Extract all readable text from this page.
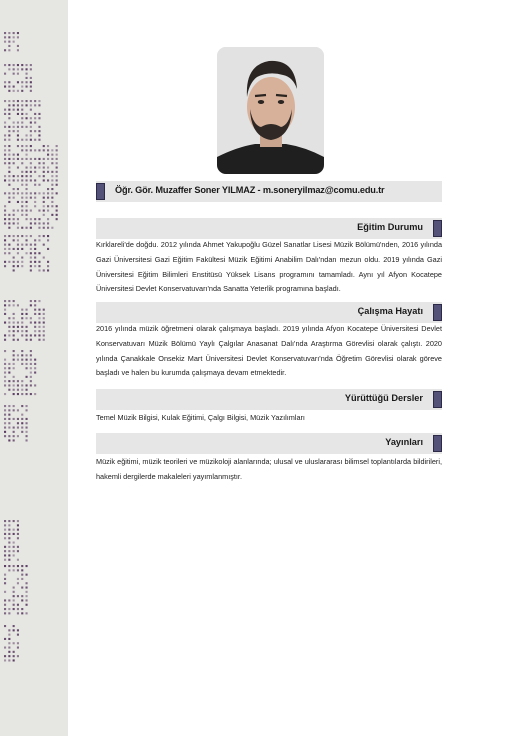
Öğr. Gör. Muzaffer Soner YILMAZ - m.soneryilmaz@comu.edu.tr
Eğitim Durumu
Kırklareli'de doğdu. 2012 yılında Ahmet Yakupoğlu Güzel Sanatlar Lisesi Müzik Bölümü'nden, 2016 yılında Gazi Üniversitesi Gazi Eğitim Fakültesi Müzik Eğitimi Anabilim Dalı'ndan mezun oldu. 2019 yılında Gazi Üniversitesi Eğitim Bilimleri Enstitüsü Yüksek Lisans programını tamamladı. Aynı yıl Afyon Kocatepe Üniversitesi Devlet Konservatuvarı'nda Sanatta Yeterlik programına başladı.
Çalışma Hayatı
2016 yılında müzik öğretmeni olarak çalışmaya başladı. 2019 yılında Afyon Kocatepe Üniversitesi Devlet Konservatuvarı Müzik Bölümü Yaylı Çalgılar Anasanat Dalı'nda Araştırma Görevlisi olarak çalıştı. 2020 yılında Çanakkale Onsekiz Mart Üniversitesi Devlet Konservatuvarı'nda Öğretim Görevlisi olarak göreve başladı ve halen bu kurumda çalışmaya devam etmektedir.
Yürüttüğü Dersler
Temel Müzik Bilgisi, Kulak Eğitimi, Çalgı Bilgisi, Müzik Yazılımları
Yayınları
Müzik eğitimi, müzik teorileri ve müzikoloji alanlarında; ulusal ve uluslararası bilimsel toplantılarda bildirileri, hakemli dergilerde makaleleri yayımlanmıştır.
